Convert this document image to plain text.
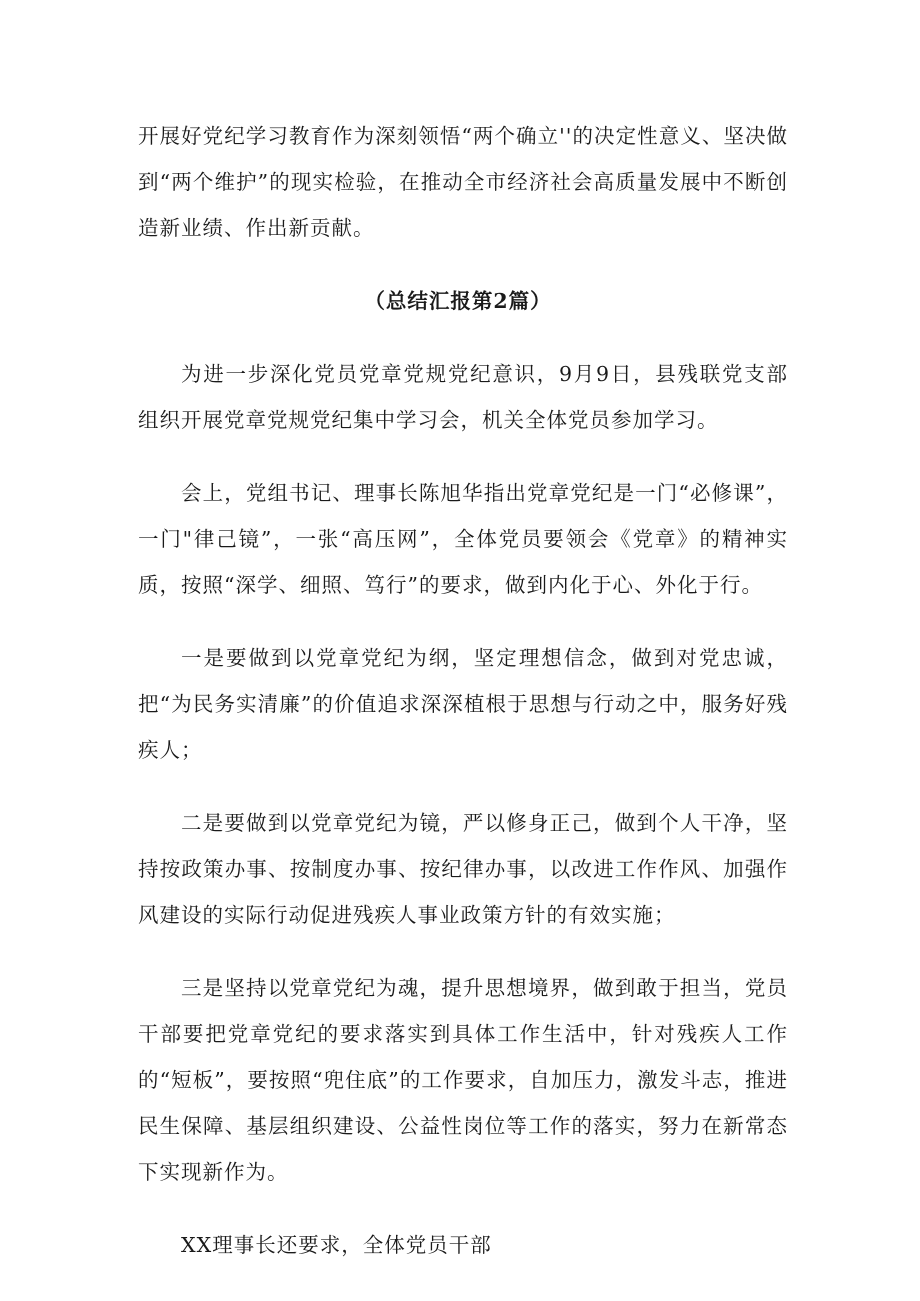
开展好党纪学习教育作为深刻领悟“两个确立''的决定性意义、坚决做到“两个维护”的现实检验，在推动全市经济社会高质量发展中不断创造新业绩、作出新贡献。

（总结汇报第2篇）

为进一步深化党员党章党规党纪意识，9月9日，县残联党支部组织开展党章党规党纪集中学习会，机关全体党员参加学习。

会上，党组书记、理事长陈旭华指出党章党纪是一门“必修课”，一门"律己镜”，一张“高压网”，全体党员要领会《党章》的精神实质，按照“深学、细照、笃行”的要求，做到内化于心、外化于行。

一是要做到以党章党纪为纲，坚定理想信念，做到对党忠诚，把“为民务实清廉”的价值追求深深植根于思想与行动之中，服务好残疾人；

二是要做到以党章党纪为镜，严以修身正己，做到个人干净，坚持按政策办事、按制度办事、按纪律办事，以改进工作作风、加强作风建设的实际行动促进残疾人事业政策方针的有效实施；

三是坚持以党章党纪为魂，提升思想境界，做到敢于担当，党员干部要把党章党纪的要求落实到具体工作生活中，针对残疾人工作的“短板”，要按照“兜住底”的工作要求，自加压力，激发斗志，推进民生保障、基层组织建设、公益性岗位等工作的落实，努力在新常态下实现新作为。

XX理事长还要求，全体党员干部
